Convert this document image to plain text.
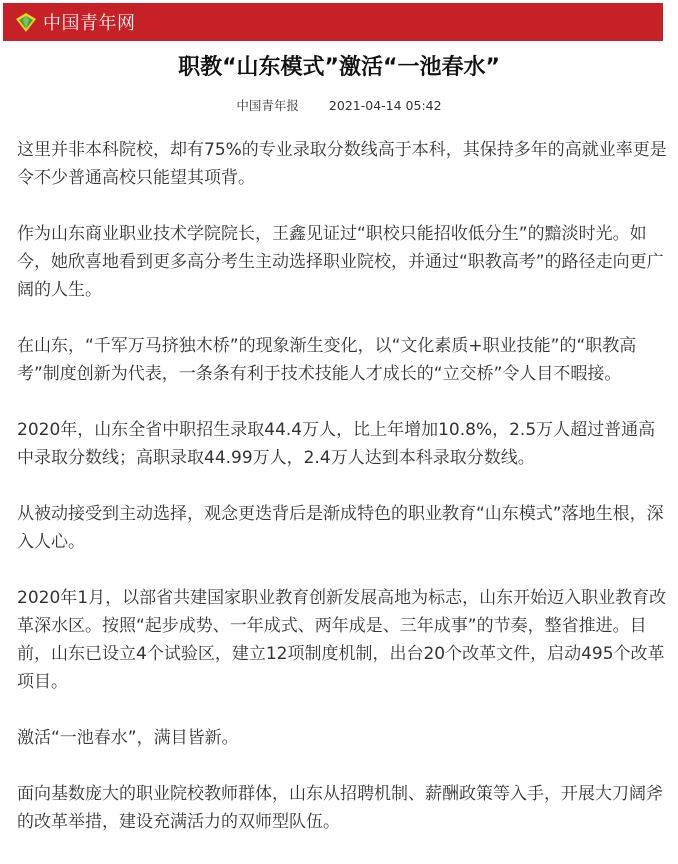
中国青年网
职教“山东模式”激活“一池春水”
中国青年报 2021-04-14 05:42

这里并非本科院校，却有75%的专业录取分数线高于本科，其保持多年的高就业率更是令不少普通高校只能望其项背。

作为山东商业职业技术学院院长，王鑫见证过“职校只能招收低分生”的黯淡时光。如今，她欣喜地看到更多高分考生主动选择职业院校，并通过“职教高考”的路径走向更广阔的人生。

在山东，“千军万马挤独木桥”的现象渐生变化，以“文化素质+职业技能”的“职教高考”制度创新为代表，一条条有利于技术技能人才成长的“立交桥”令人目不暇接。

2020年，山东全省中职招生录取44.4万人，比上年增加10.8%，2.5万人超过普通高中录取分数线；高职录取44.99万人，2.4万人达到本科录取分数线。

从被动接受到主动选择，观念更迭背后是渐成特色的职业教育“山东模式”落地生根，深入人心。

2020年1月，以部省共建国家职业教育创新发展高地为标志，山东开始迈入职业教育改革深水区。按照“起步成势、一年成式、两年成是、三年成事”的节奏，整省推进。目前，山东已设立4个试验区，建立12项制度机制，出台20个改革文件，启动495个改革项目。

激活“一池春水”，满目皆新。

面向基数庞大的职业院校教师群体，山东从招聘机制、薪酬政策等入手，开展大刀阔斧的改革举措，建设充满活力的双师型队伍。
